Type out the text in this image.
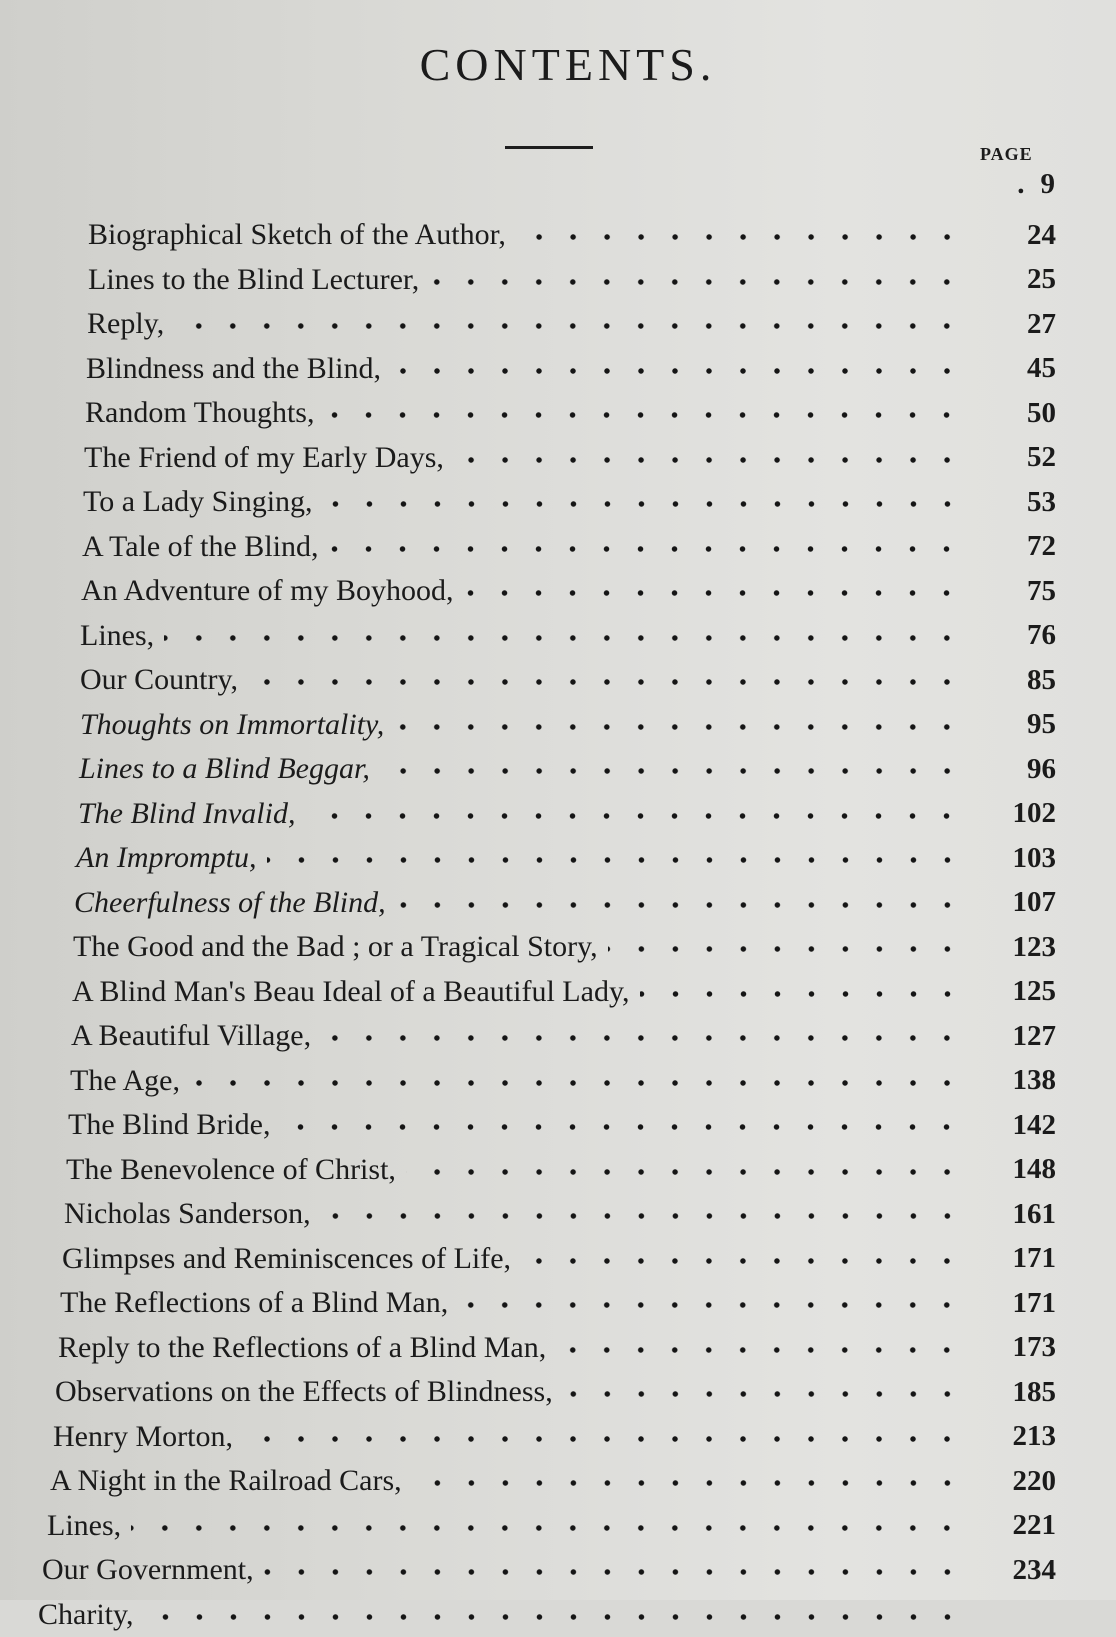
CONTENTS.
PAGE
. 9
Biographical Sketch of the Author,	24
Lines to the Blind Lecturer,	25
Reply,	27
Blindness and the Blind,	45
Random Thoughts,	50
The Friend of my Early Days,	52
To a Lady Singing,	53
A Tale of the Blind,	72
An Adventure of my Boyhood,	75
Lines,	76
Our Country,	85
Thoughts on Immortality,	95
Lines to a Blind Beggar,	96
The Blind Invalid,	102
An Impromptu,	103
Cheerfulness of the Blind,	107
The Good and the Bad ; or a Tragical Story,	123
A Blind Man's Beau Ideal of a Beautiful Lady,	125
A Beautiful Village,	127
The Age,	138
The Blind Bride,	142
The Benevolence of Christ,	148
Nicholas Sanderson,	161
Glimpses and Reminiscences of Life,	171
The Reflections of a Blind Man,	171
Reply to the Reflections of a Blind Man,	173
Observations on the Effects of Blindness,	185
Henry Morton,	213
A Night in the Railroad Cars,	220
Lines,	221
Our Government,	234
Charity,
